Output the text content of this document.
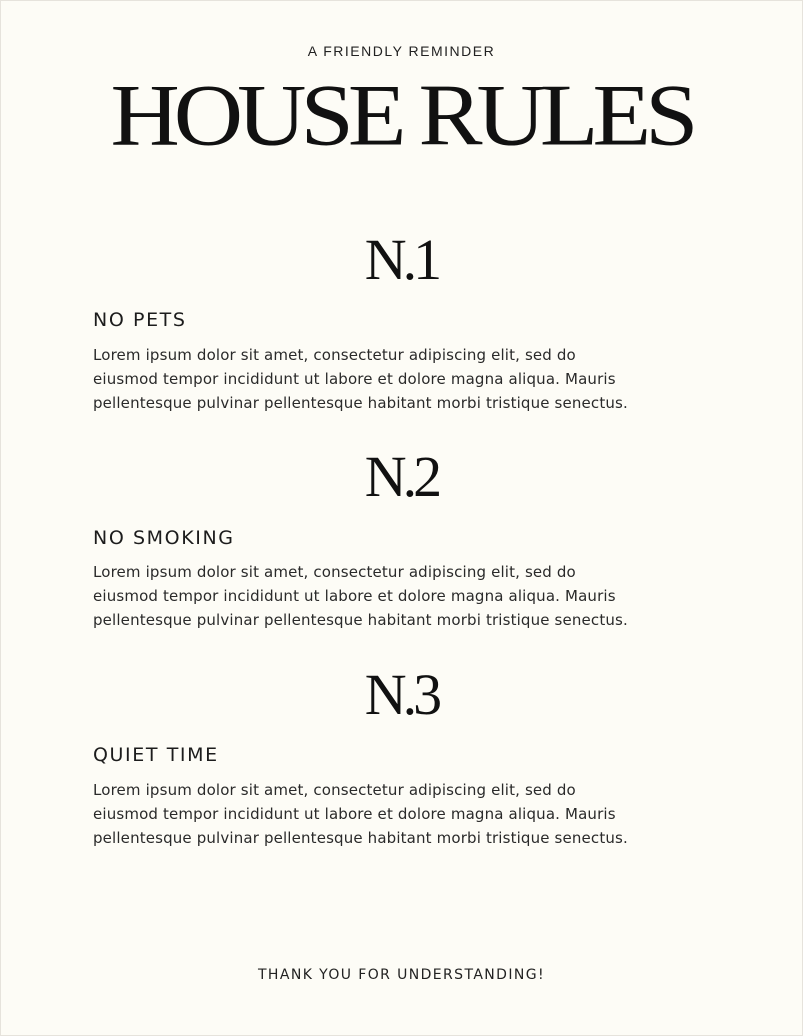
A FRIENDLY REMINDER
HOUSE RULES
N.1
NO PETS
Lorem ipsum dolor sit amet, consectetur adipiscing elit, sed do
eiusmod tempor incididunt ut labore et dolore magna aliqua. Mauris
pellentesque pulvinar pellentesque habitant morbi tristique senectus.
N.2
NO SMOKING
Lorem ipsum dolor sit amet, consectetur adipiscing elit, sed do
eiusmod tempor incididunt ut labore et dolore magna aliqua. Mauris
pellentesque pulvinar pellentesque habitant morbi tristique senectus.
N.3
QUIET TIME
Lorem ipsum dolor sit amet, consectetur adipiscing elit, sed do
eiusmod tempor incididunt ut labore et dolore magna aliqua. Mauris
pellentesque pulvinar pellentesque habitant morbi tristique senectus.
THANK YOU FOR UNDERSTANDING!
